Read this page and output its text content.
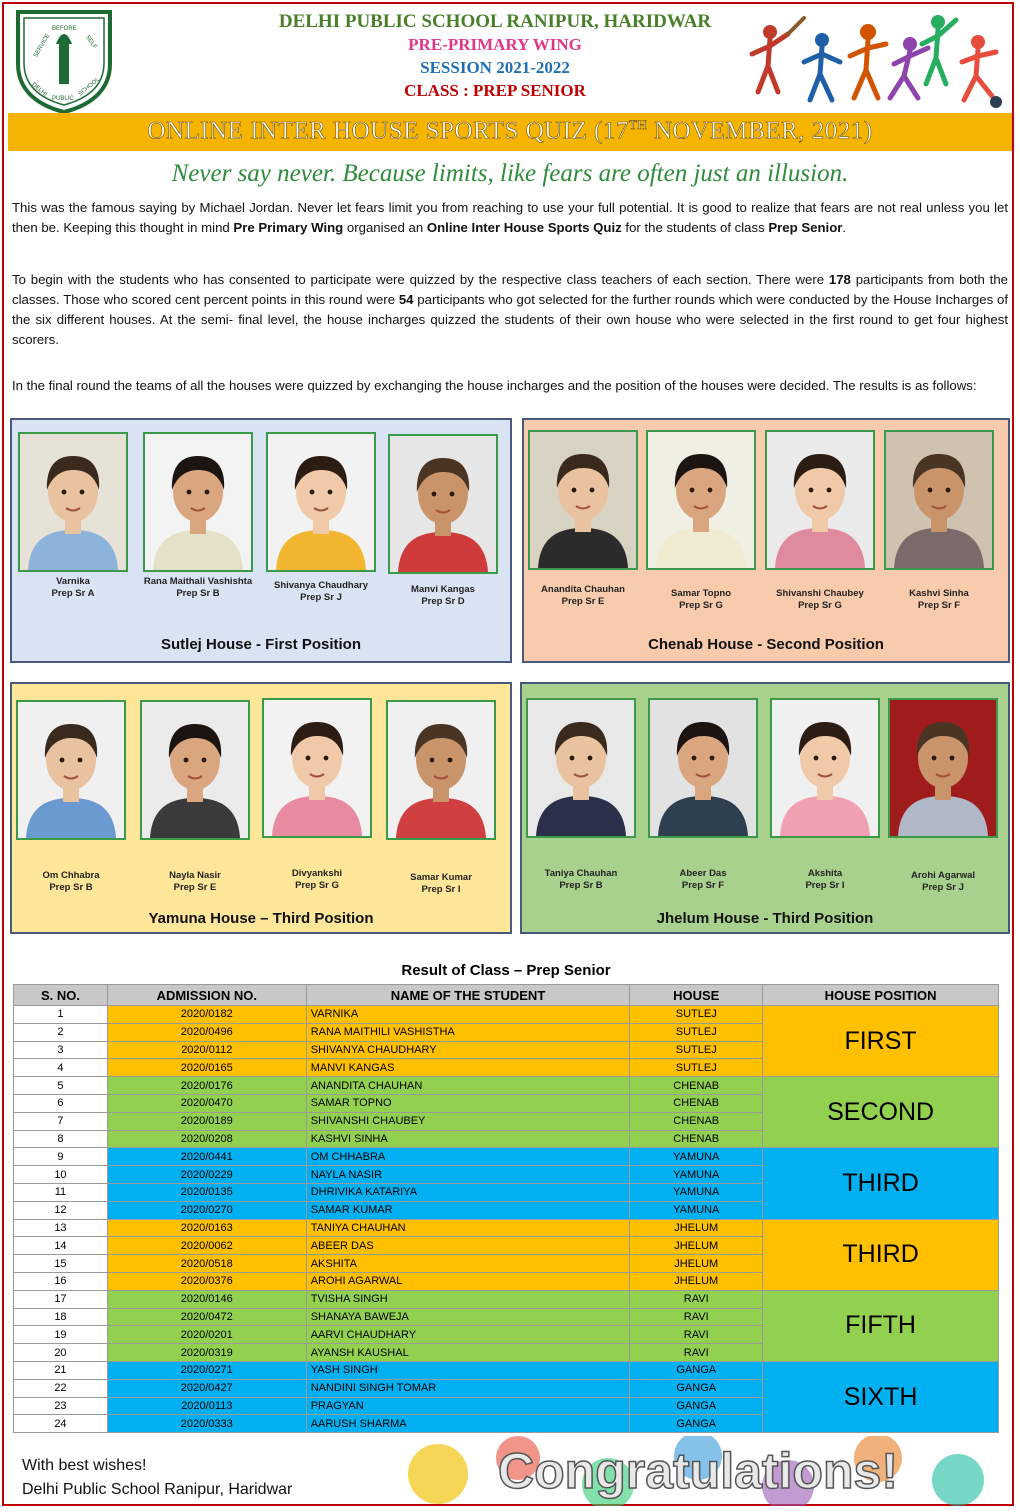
SERVICE
BEFORE
SELF
DELHI
PUBLIC
SCHOOL
DELHI PUBLIC SCHOOL RANIPUR, HARIDWAR
PRE-PRIMARY WING
SESSION 2021-2022
CLASS : PREP SENIOR
ONLINE INTER HOUSE SPORTS QUIZ (17TH NOVEMBER, 2021)
Never say never. Because limits, like fears are often just an illusion.
This was the famous saying by Michael Jordan. Never let fears limit you from reaching to use your full potential. It is good to realize that fears are not real unless you let then be. Keeping this thought in mind Pre Primary Wing organised an Online Inter House Sports Quiz for the students of class Prep Senior.
To begin with the students who has consented to participate were quizzed by the respective class teachers of each section. There were 178 participants from both the classes. Those who scored cent percent points in this round were 54 participants who got selected for the further rounds which were conducted by the House Incharges of the six different houses. At the semi- final level, the house incharges quizzed the students of their own house who were selected in the first round to get four highest scorers.
In the final round the teams of all the houses were quizzed by exchanging the house incharges and the position of the houses were decided. The results is as follows:
Sutlej House - First Position	Chenab House - Second Position
Yamuna House – Third Position	Jhelum House - Third Position
Result of Class – Prep Senior
S. NO.	ADMISSION NO.	NAME OF THE STUDENT	HOUSE	HOUSE POSITION
1	2020/0182	VARNIKA	SUTLEJ	FIRST
2	2020/0496	RANA MAITHILI VASHISTHA	SUTLEJ	
3	2020/0112	SHIVANYA CHAUDHARY	SUTLEJ	
4	2020/0165	MANVI KANGAS	SUTLEJ	
5	2020/0176	ANANDITA CHAUHAN	CHENAB	SECOND
6	2020/0470	SAMAR TOPNO	CHENAB	
7	2020/0189	SHIVANSHI CHAUBEY	CHENAB	
8	2020/0208	KASHVI SINHA	CHENAB	
9	2020/0441	OM CHHABRA	YAMUNA	THIRD
10	2020/0229	NAYLA NASIR	YAMUNA	
11	2020/0135	DHRIVIKA KATARIYA	YAMUNA	
12	2020/0270	SAMAR KUMAR	YAMUNA	
13	2020/0163	TANIYA CHAUHAN	JHELUM	THIRD
14	2020/0062	ABEER DAS	JHELUM	
15	2020/0518	AKSHITA	JHELUM	
16	2020/0376	AROHI AGARWAL	JHELUM	
17	2020/0146	TVISHA SINGH	RAVI	FIFTH
18	2020/0472	SHANAYA BAWEJA	RAVI	
19	2020/0201	AARVI CHAUDHARY	RAVI	
20	2020/0319	AYANSH KAUSHAL	RAVI	
21	2020/0271	YASH SINGH	GANGA	SIXTH
22	2020/0427	NANDINI SINGH TOMAR	GANGA	
23	2020/0113	PRAGYAN	GANGA	
24	2020/0333	AARUSH SHARMA	GANGA	
With best wishes!
Delhi Public School Ranipur, Haridwar	Congratulations!
Varnika
Prep Sr A
Rana Maithali Vashishta
Prep Sr B
Shivanya Chaudhary
Prep Sr J
Manvi Kangas
Prep Sr D
Anandita Chauhan
Prep Sr E
Samar Topno
Prep Sr G
Shivanshi Chaubey
Prep Sr G
Kashvi Sinha
Prep Sr F
Om Chhabra
Prep Sr B
Nayla Nasir
Prep Sr E
Divyankshi
Prep Sr G
Samar Kumar
Prep Sr I
Taniya Chauhan
Prep Sr B
Abeer Das
Prep Sr F
Akshita
Prep Sr I
Arohi Agarwal
Prep Sr J
